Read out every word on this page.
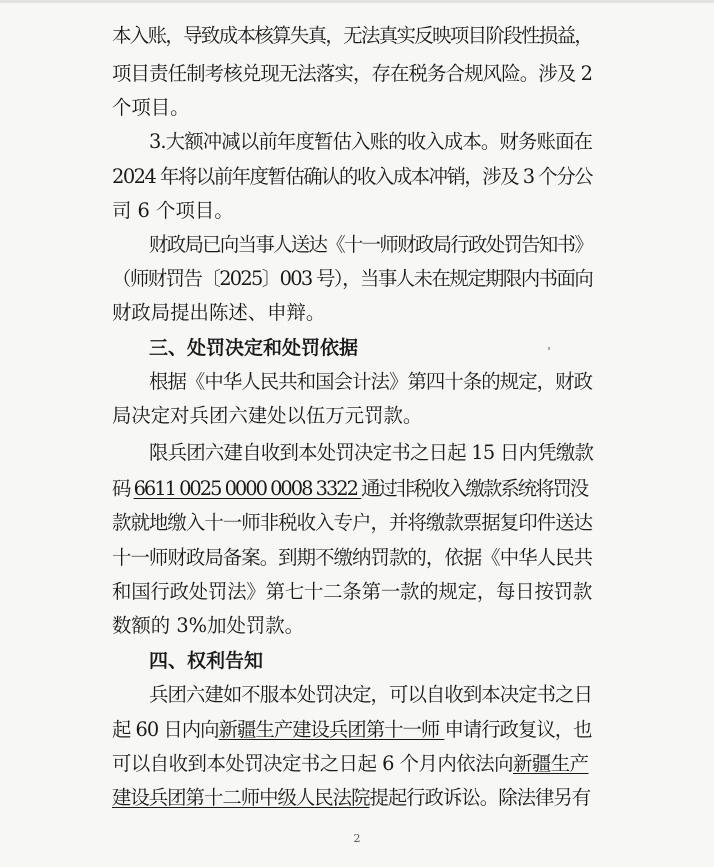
本入账，导致成本核算失真，无法真实反映项目阶段性损益，
项目责任制考核兑现无法落实，存在税务合规风险。涉及 2
个项目。
3.大额冲减以前年度暂估入账的收入成本。财务账面在
2024 年将以前年度暂估确认的收入成本冲销，涉及 3 个分公
司 6 个项目。
财政局已向当事人送达《十一师财政局行政处罚告知书》
（师财罚告〔2025〕003 号），当事人未在规定期限内书面向
财政局提出陈述、申辩。
三、处罚决定和处罚依据
根据《中华人民共和国会计法》第四十条的规定，财政
局决定对兵团六建处以伍万元罚款。
限兵团六建自收到本处罚决定书之日起 15 日内凭缴款
码 6611 0025 0000 0008 3322 通过非税收入缴款系统将罚没
款就地缴入十一师非税收入专户，并将缴款票据复印件送达
十一师财政局备案。到期不缴纳罚款的，依据《中华人民共
和国行政处罚法》第七十二条第一款的规定，每日按罚款
数额的 3%加处罚款。
四、权利告知
兵团六建如不服本处罚决定，可以自收到本决定书之日
起 60 日内向新疆生产建设兵团第十一师 申请行政复议，也
可以自收到本处罚决定书之日起 6 个月内依法向新疆生产
建设兵团第十二师中级人民法院提起行政诉讼。除法律另有
2
